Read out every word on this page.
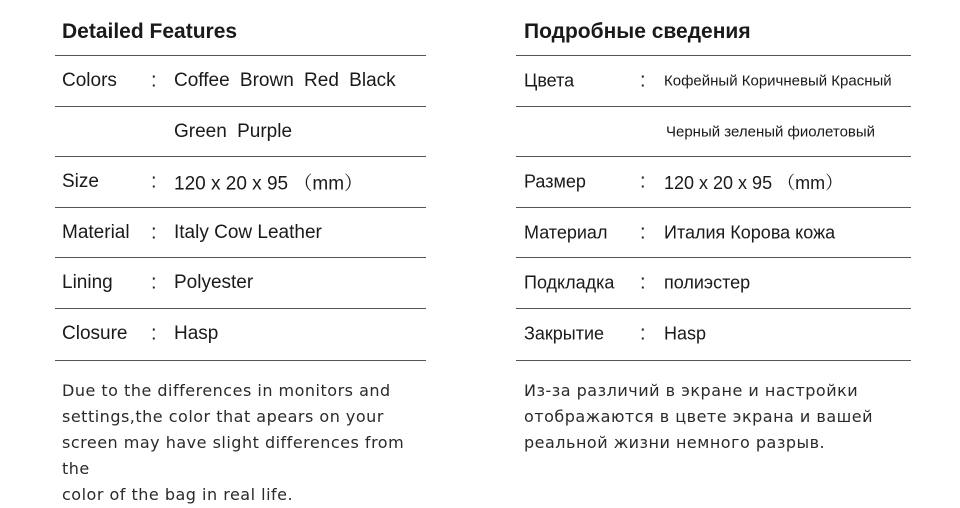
Detailed Features
Colors : Coffee Brown Red Black
Green Purple
Size	: 120 x 20 x 95 （mm）
Material : Italy Cow Leather
Lining : Polyester
Closure : Hasp
Due to the differences in monitors and
settings,the color that apears on your
screen may have slight differences from the
color of the bag in real life.
Подробные сведения
Цвета	: Кофейный Коричневый Красный
Черный зеленый фиолетовый
Размер	: 120 x 20 x 95 （mm）
Материал : Италия Корова кожа
Подкладка : полиэстер
Закрытие : Hasp
Из-за различий в экране и настройки
отображаются в цвете экрана и вашей
реальной жизни немного разрыв.
